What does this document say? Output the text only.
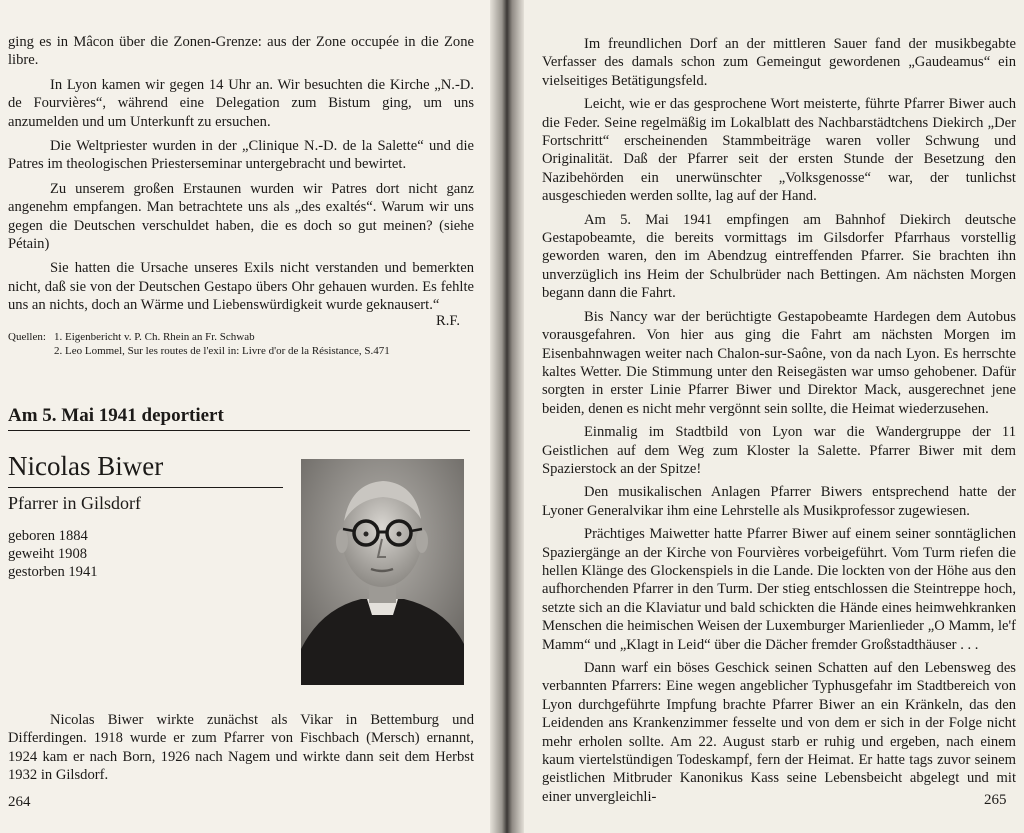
ging es in Mâcon über die Zonen-Grenze: aus der Zone occupée in die Zone libre.

In Lyon kamen wir gegen 14 Uhr an. Wir besuchten die Kirche „N.-D. de Fourvières“, während eine Delegation zum Bistum ging, um uns anzumelden und um Unterkunft zu ersuchen.

Die Weltpriester wurden in der „Clinique N.-D. de la Salette“ und die Patres im theologischen Priesterseminar untergebracht und bewirtet.

Zu unserem großen Erstaunen wurden wir Patres dort nicht ganz angenehm empfangen. Man betrachtete uns als „des exaltés“. Warum wir uns gegen die Deutschen verschuldet haben, die es doch so gut meinen? (siehe Pétain)

Sie hatten die Ursache unseres Exils nicht verstanden und bemerkten nicht, daß sie von der Deutschen Gestapo übers Ohr gehauen wurden. Es fehlte uns an nichts, doch an Wärme und Liebenswürdigkeit wurde geknausert.“

R.F.
Quellen: 1. Eigenbericht v. P. Ch. Rhein an Fr. Schwab
2. Leo Lommel, Sur les routes de l'exil in: Livre d'or de la Résistance, S.471
Am 5. Mai 1941 deportiert
Nicolas Biwer
Pfarrer in Gilsdorf
geboren 1884
geweiht 1908
gestorben 1941

Nicolas Biwer wirkte zunächst als Vikar in Bettemburg und Differdingen. 1918 wurde er zum Pfarrer von Fischbach (Mersch) ernannt, 1924 kam er nach Born, 1926 nach Nagem und wirkte dann seit dem Herbst 1932 in Gilsdorf.

264

Im freundlichen Dorf an der mittleren Sauer fand der musikbegabte Verfasser des damals schon zum Gemeingut gewordenen „Gaudeamus“ ein vielseitiges Betätigungsfeld.

Leicht, wie er das gesprochene Wort meisterte, führte Pfarrer Biwer auch die Feder. Seine regelmäßig im Lokalblatt des Nachbarstädtchens Diekirch „Der Fortschritt“ erscheinenden Stammbeiträge waren voller Schwung und Originalität. Daß der Pfarrer seit der ersten Stunde der Besetzung den Nazibehörden ein unerwünschter „Volksgenosse“ war, der tunlichst ausgeschieden werden sollte, lag auf der Hand.

Am 5. Mai 1941 empfingen am Bahnhof Diekirch deutsche Gestapobeamte, die bereits vormittags im Gilsdorfer Pfarrhaus vorstellig geworden waren, den im Abendzug eintreffenden Pfarrer. Sie brachten ihn unverzüglich ins Heim der Schulbrüder nach Bettingen. Am nächsten Morgen begann dann die Fahrt.

Bis Nancy war der berüchtigte Gestapobeamte Hardegen dem Autobus vorausgefahren. Von hier aus ging die Fahrt am nächsten Morgen im Eisenbahnwagen weiter nach Chalon-sur-Saône, von da nach Lyon. Es herrschte kaltes Wetter. Die Stimmung unter den Reisegästen war umso gehobener. Dafür sorgten in erster Linie Pfarrer Biwer und Direktor Mack, ausgerechnet jene beiden, denen es nicht mehr vergönnt sein sollte, die Heimat wiederzusehen.

Einmalig im Stadtbild von Lyon war die Wandergruppe der 11 Geistlichen auf dem Weg zum Kloster la Salette. Pfarrer Biwer mit dem Spazierstock an der Spitze!

Den musikalischen Anlagen Pfarrer Biwers entsprechend hatte der Lyoner Generalvikar ihm eine Lehrstelle als Musikprofessor zugewiesen.

Prächtiges Maiwetter hatte Pfarrer Biwer auf einem seiner sonntäglichen Spaziergänge an der Kirche von Fourvières vorbeigeführt. Vom Turm riefen die hellen Klänge des Glockenspiels in die Lande. Die lockten von der Höhe aus den aufhorchenden Pfarrer in den Turm. Der stieg entschlossen die Steintreppe hoch, setzte sich an die Klaviatur und bald schickten die Hände eines heimwehkranken Menschen die heimischen Weisen der Luxemburger Marienlieder „O Mamm, le'f Mamm“ und „Klagt in Leid“ über die Dächer fremder Großstadthäuser . . .

Dann warf ein böses Geschick seinen Schatten auf den Lebensweg des verbannten Pfarrers: Eine wegen angeblicher Typhusgefahr im Stadtbereich von Lyon durchgeführte Impfung brachte Pfarrer Biwer an ein Kränkeln, das den Leidenden ans Krankenzimmer fesselte und von dem er sich in der Folge nicht mehr erholen sollte. Am 22. August starb er ruhig und ergeben, nach einem kaum viertelstündigen Todeskampf, fern der Heimat. Er hatte tags zuvor seinem geistlichen Mitbruder Kanonikus Kass seine Lebensbeicht abgelegt und mit einer unvergleichli-	265
